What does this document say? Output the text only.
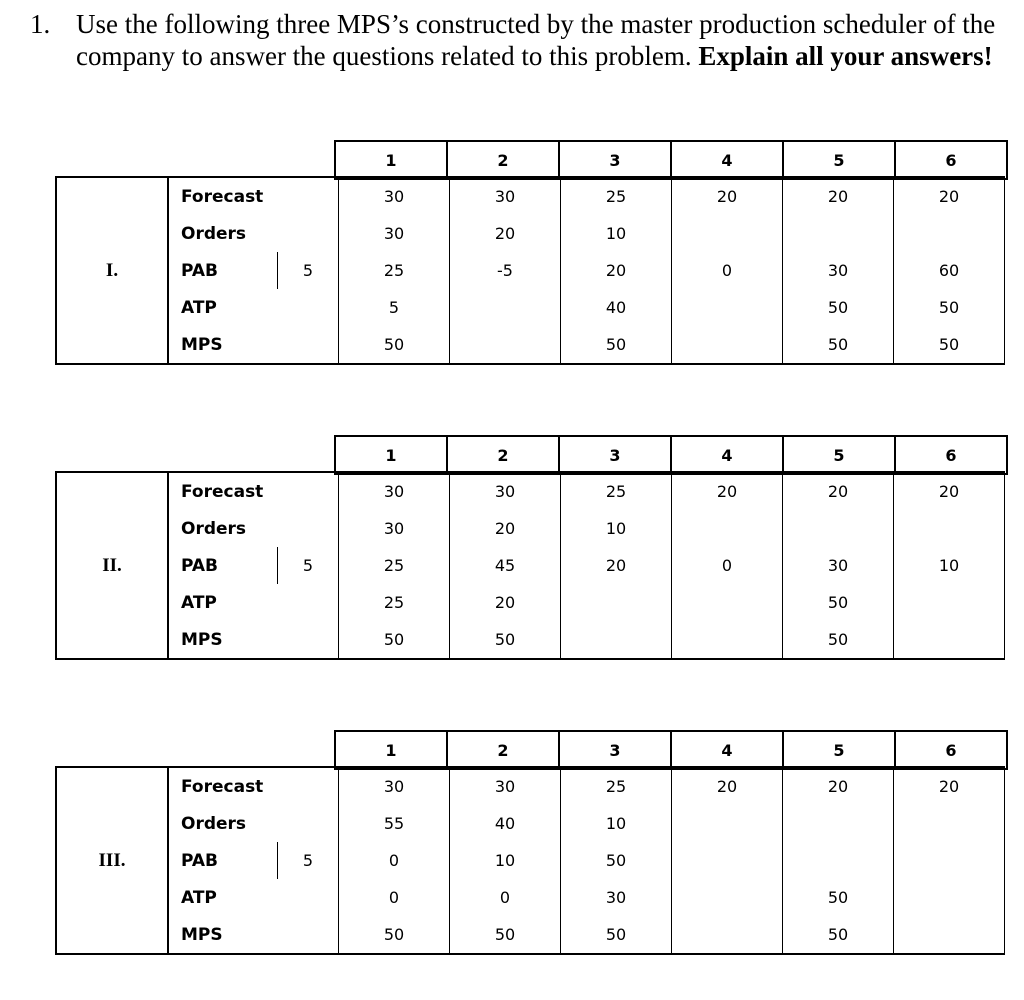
1. Use the following three MPS’s constructed by the master production scheduler of the
company to answer the questions related to this problem. Explain all your answers!
1	2	3	4	5	6
I.	Forecast		30	30	25	20	20	20
	Orders		30	20	10			
	PAB	5	25	-5	20	0	30	60
	ATP		5		40		50	50
	MPS		50		50		50	50
1	2	3	4	5	6
II.	Forecast		30	30	25	20	20	20
	Orders		30	20	10			
	PAB	5	25	45	20	0	30	10
	ATP		25	20			50	
	MPS		50	50			50	
1	2	3	4	5	6
III.	Forecast		30	30	25	20	20	20
	Orders		55	40	10			
	PAB	5	0	10	50			
	ATP		0	0	30		50	
	MPS		50	50	50		50	
